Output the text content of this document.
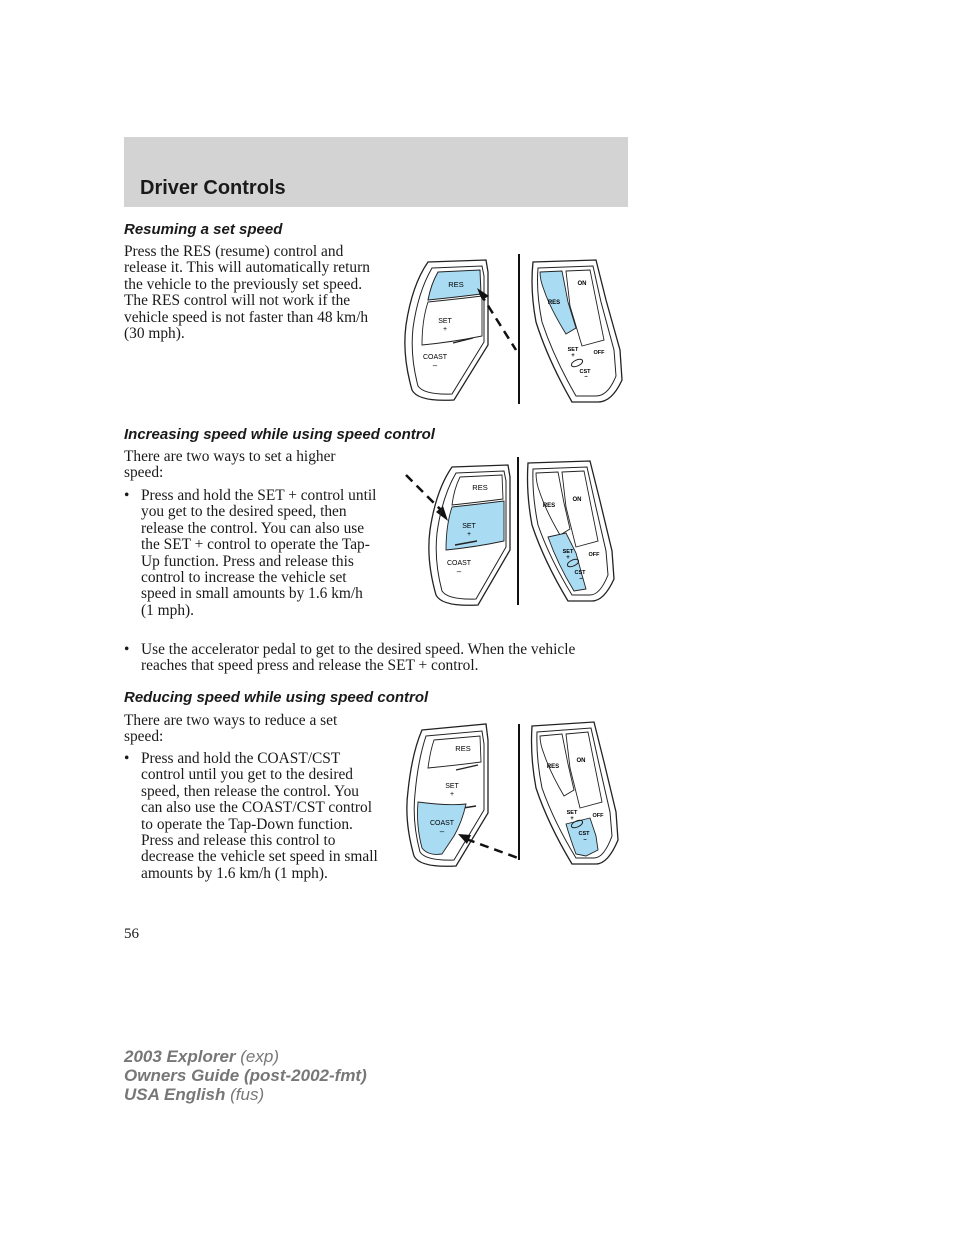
Driver Controls
Resuming a set speed

Press the RES (resume) control and release it. This will automatically return the vehicle to the previously set speed. The RES control will not work if the vehicle speed is not faster than 48 km/h (30 mph).

Increasing speed while using speed control

There are two ways to set a higher speed:

• Press and hold the SET + control until you get to the desired speed, then release the control. You can also use the SET + control to operate the Tap-Up function. Press and release this control to increase the vehicle set speed in small amounts by 1.6 km/h (1 mph).

• Use the accelerator pedal to get to the desired speed. When the vehicle reaches that speed press and release the SET + control.

Reducing speed while using speed control

There are two ways to reduce a set speed:

• Press and hold the COAST/CST control until you get to the desired speed, then release the control. You can also use the COAST/CST control to operate the Tap-Down function. Press and release this control to decrease the vehicle set speed in small amounts by 1.6 km/h (1 mph).

RES
SET
+
COAST
–
RES
ON
SET
+	OFF
CST
–
RES
SET
+
COAST
–
RES
ON
SET
+	OFF
CST
–
RES
SET
+
COAST
–
RES
ON
SET
+	OFF
CST
–

56

2003 Explorer (exp)
Owners Guide (post-2002-fmt)
USA English (fus)
